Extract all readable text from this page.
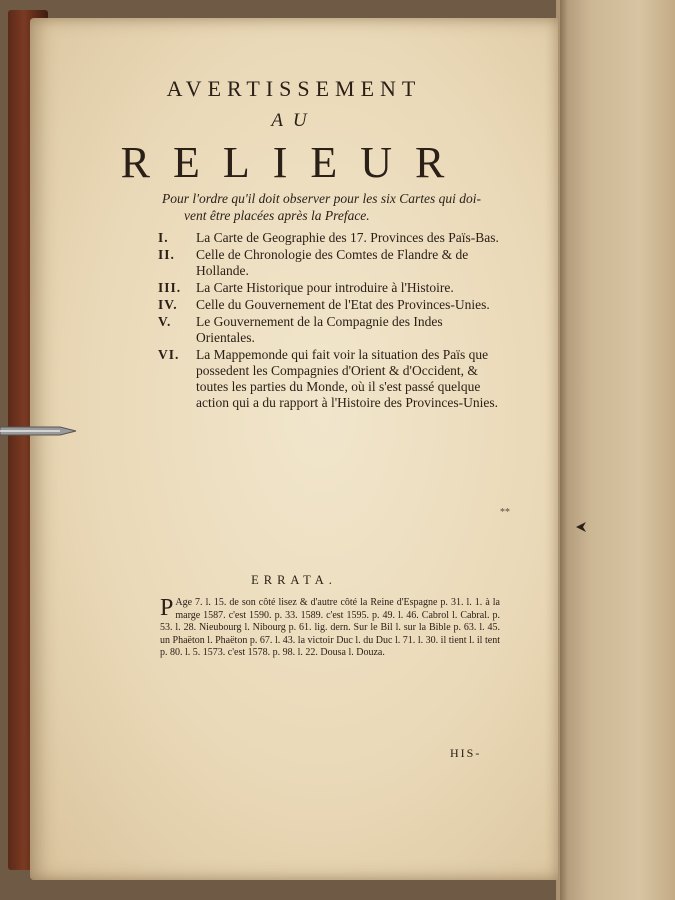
AVERTISSEMENT
AU
RELIEUR
Pour l'ordre qu'il doit observer pour les six Cartes qui doi-
vent être placées après la Preface.
I. La Carte de Geographie des 17. Provinces des Païs-Bas.
II. Celle de Chronologie des Comtes de Flandre & de Hollande.
III. La Carte Historique pour introduire à l'Histoire.
IV. Celle du Gouvernement de l'Etat des Provinces-Unies.
V. Le Gouvernement de la Compagnie des Indes Orientales.
VI. La Mappemonde qui fait voir la situation des Païs que possedent les Compagnies d'Orient & d'Occident, & toutes les parties du Monde, où il s'est passé quelque action qui a du rapport à l'Histoire des Provinces-Unies.
**
ERRATA.
P Age 7. l. 15. de son côté lisez & d'autre côté la Reine d'Espagne p. 31. l. 1. à la marge 1587. c'est 1590. p. 33. 1589. c'est 1595. p. 49. l. 46. Cabrol l. Cabral. p. 53. l. 28. Nieubourg l. Nibourg p. 61. lig. dern. Sur le Bil l. sur la Bible p. 63. l. 45. un Phaëton l. Phaëton p. 67. l. 43. la victoir Duc l. du Duc l. 71. l. 30. il tient l. il tent p. 80. l. 5. 1573. c'est 1578. p. 98. l. 22. Dousa l. Douza.
HIS-
